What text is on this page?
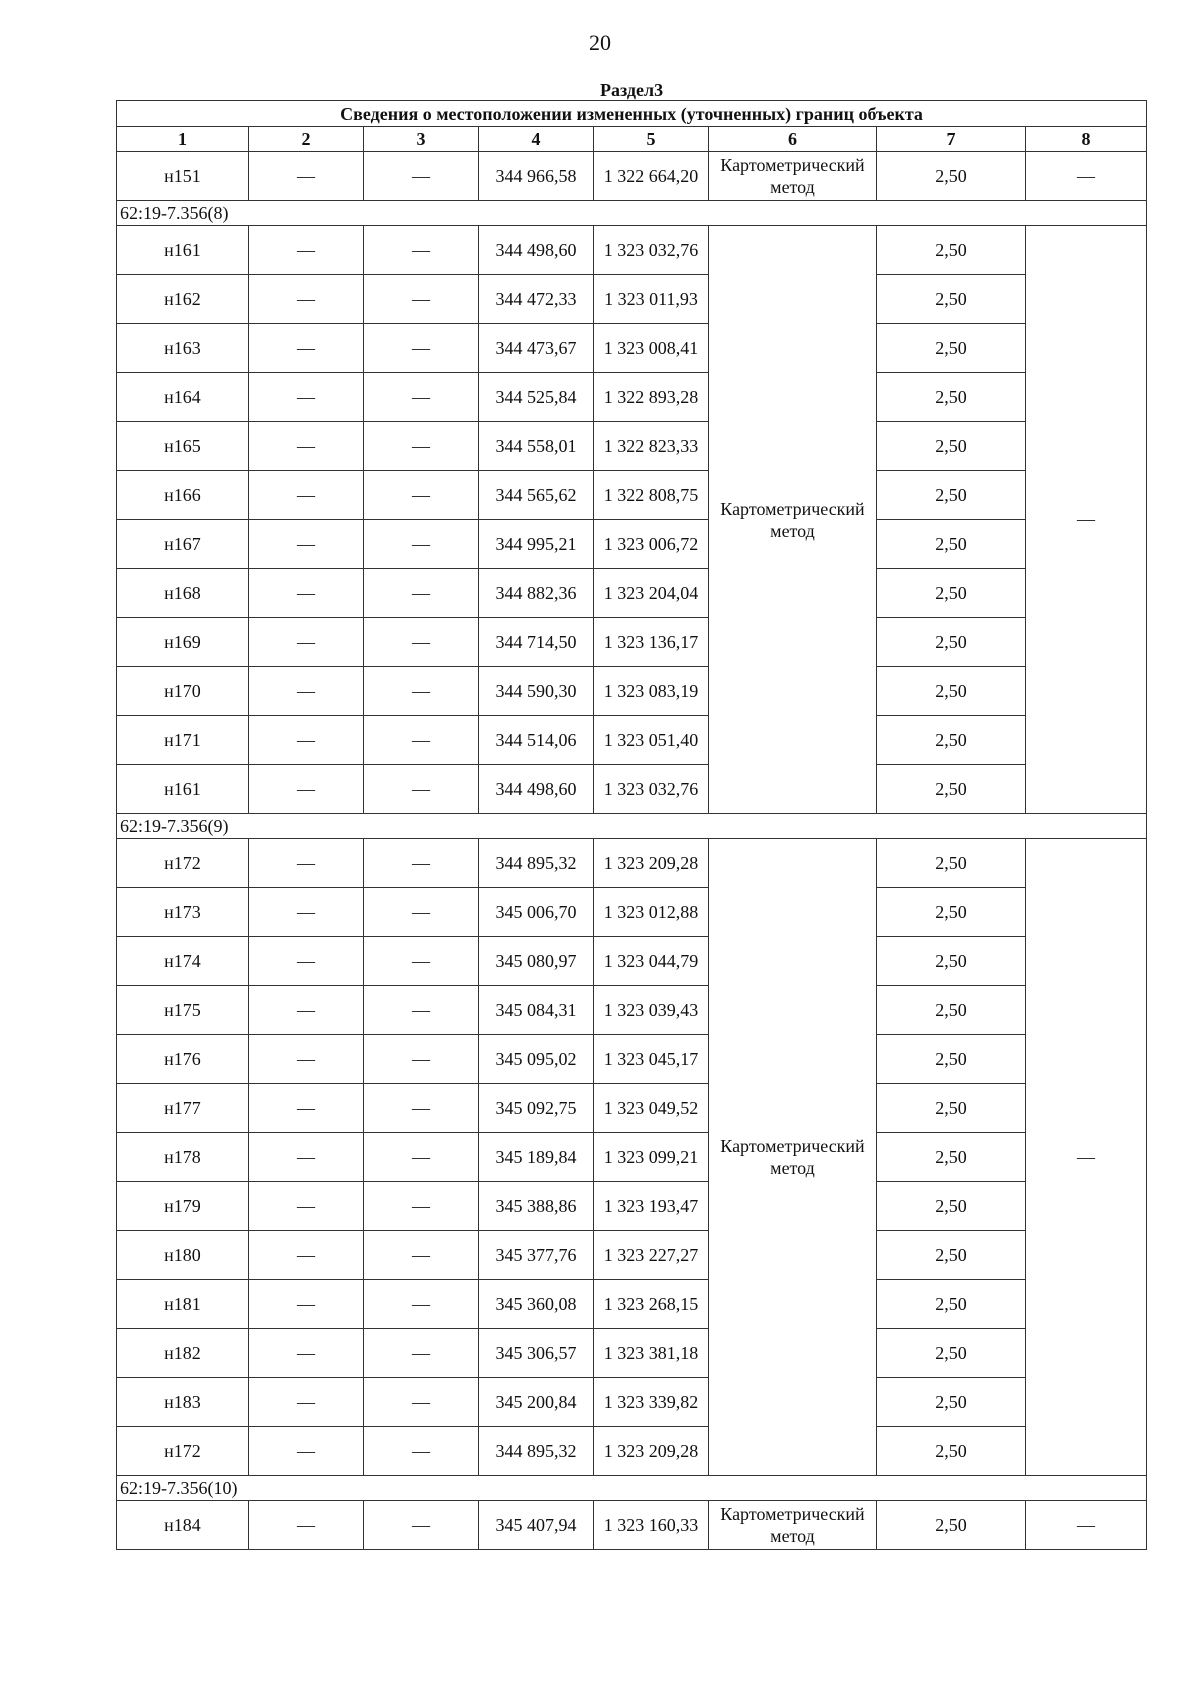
20
Раздел3							
Сведения о местоположении измененных (уточненных) границ объекта							
1	2	3	4	5	6	7	8
н151	—	—	344 966,58	1 322 664,20	Картометрический метод	2,50	—
62:19-7.356(8)							
н161	—	—	344 498,60	1 323 032,76	Картометрический метод	2,50	—
н162	—	—	344 472,33	1 323 011,93		2,50	
н163	—	—	344 473,67	1 323 008,41		2,50	
н164	—	—	344 525,84	1 322 893,28		2,50	
н165	—	—	344 558,01	1 322 823,33		2,50	
н166	—	—	344 565,62	1 322 808,75		2,50	
н167	—	—	344 995,21	1 323 006,72		2,50	
н168	—	—	344 882,36	1 323 204,04		2,50	
н169	—	—	344 714,50	1 323 136,17		2,50	
н170	—	—	344 590,30	1 323 083,19		2,50	
н171	—	—	344 514,06	1 323 051,40		2,50	
н161	—	—	344 498,60	1 323 032,76		2,50	
62:19-7.356(9)							
н172	—	—	344 895,32	1 323 209,28	Картометрический метод	2,50	—
н173	—	—	345 006,70	1 323 012,88		2,50	
н174	—	—	345 080,97	1 323 044,79		2,50	
н175	—	—	345 084,31	1 323 039,43		2,50	
н176	—	—	345 095,02	1 323 045,17		2,50	
н177	—	—	345 092,75	1 323 049,52		2,50	
н178	—	—	345 189,84	1 323 099,21		2,50	
н179	—	—	345 388,86	1 323 193,47		2,50	
н180	—	—	345 377,76	1 323 227,27		2,50	
н181	—	—	345 360,08	1 323 268,15		2,50	
н182	—	—	345 306,57	1 323 381,18		2,50	
н183	—	—	345 200,84	1 323 339,82		2,50	
н172	—	—	344 895,32	1 323 209,28		2,50	
62:19-7.356(10)							
н184	—	—	345 407,94	1 323 160,33	Картометрический метод	2,50	—
